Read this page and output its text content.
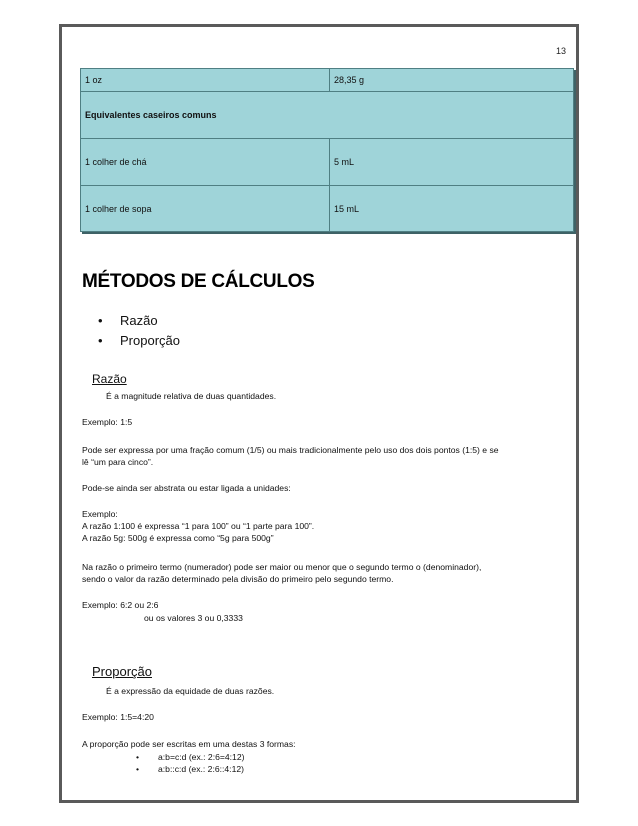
13
1 oz	28,35 g
Equivalentes caseiros comuns	
1 colher de chá	5 mL
1 colher de sopa	15 mL
MÉTODOS DE CÁLCULOS
•	Razão
•	Proporção
Razão
É a magnitude relativa de duas quantidades.
Exemplo: 1:5
Pode ser expressa por uma fração comum (1/5) ou mais tradicionalmente pelo uso dos dois pontos (1:5) e se
lê “um para cinco”.
Pode-se ainda ser abstrata ou estar ligada a unidades:
Exemplo:
A razão 1:100 é expressa “1 para 100” ou “1 parte para 100”.
A razão 5g: 500g é expressa como “5g para 500g”
Na razão o primeiro termo (numerador) pode ser maior ou menor que o segundo termo o (denominador),
sendo o valor da razão determinado pela divisão do primeiro pelo segundo termo.
Exemplo: 6:2 ou 2:6
ou os valores 3 ou 0,3333
Proporção
É a expressão da equidade de duas razões.
Exemplo: 1:5=4:20
A proporção pode ser escritas em uma destas 3 formas:
• a:b=c:d (ex.: 2:6=4:12)
• a:b::c:d (ex.: 2:6::4:12)
